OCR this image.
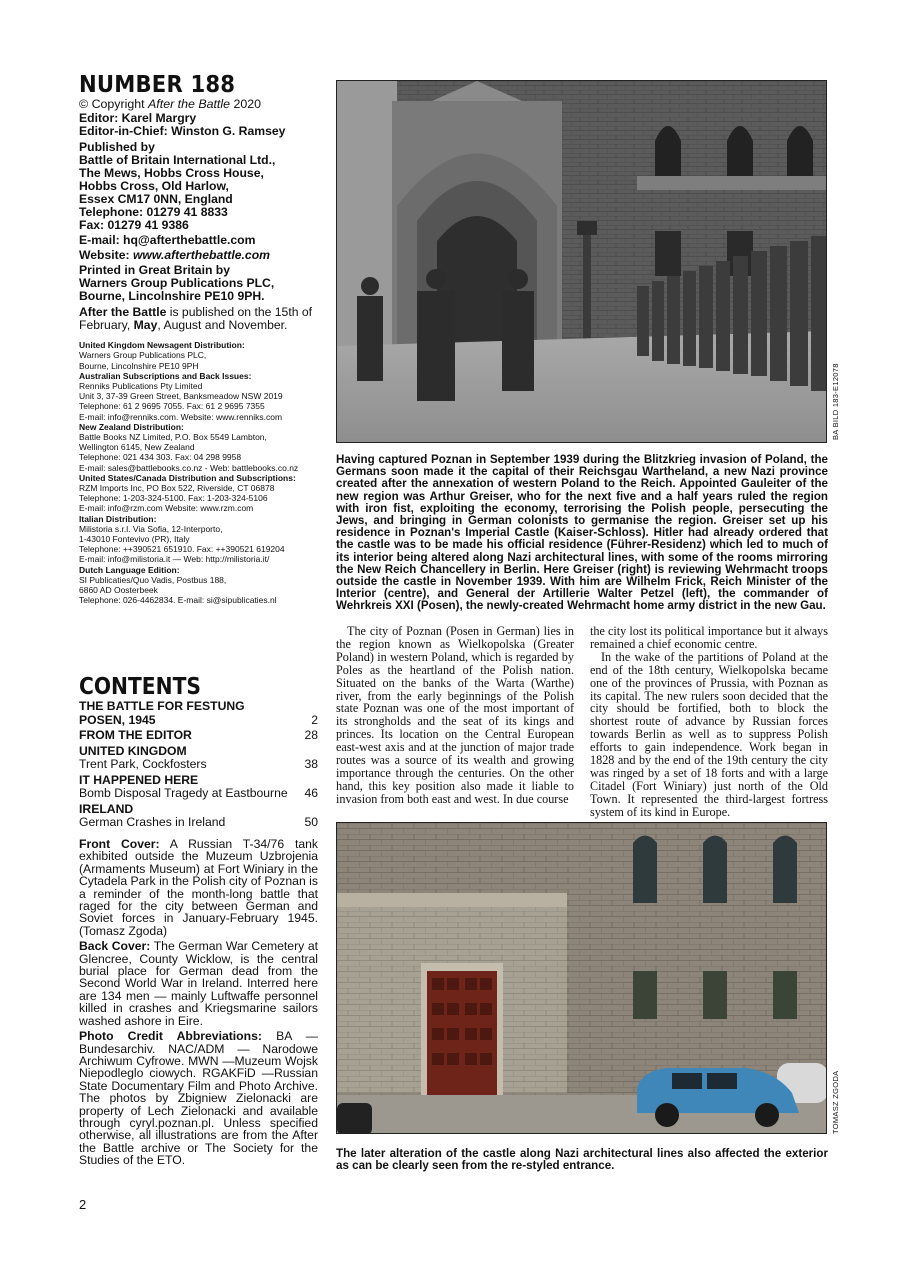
NUMBER 188
© Copyright After the Battle 2020
Editor: Karel Margry
Editor-in-Chief: Winston G. Ramsey
Published by
Battle of Britain International Ltd.,
The Mews, Hobbs Cross House,
Hobbs Cross, Old Harlow,
Essex CM17 0NN, England
Telephone: 01279 41 8833
Fax: 01279 41 9386
E-mail: hq@afterthebattle.com
Website: www.afterthebattle.com
Printed in Great Britain by
Warners Group Publications PLC,
Bourne, Lincolnshire PE10 9PH.
After the Battle is published on the 15th of February, May, August and November.
United Kingdom Newsagent Distribution:
Warners Group Publications PLC,
Bourne, Lincolnshire PE10 9PH
Australian Subscriptions and Back Issues:
Renniks Publications Pty Limited
Unit 3, 37-39 Green Street, Banksmeadow NSW 2019
Telephone: 61 2 9695 7055. Fax: 61 2 9695 7355
E-mail: info@renniks.com. Website: www.renniks.com
New Zealand Distribution:
Battle Books NZ Limited, P.O. Box 5549 Lambton,
Wellington 6145, New Zealand
Telephone: 021 434 303. Fax: 04 298 9958
E-mail: sales@battlebooks.co.nz - Web: battlebooks.co.nz
United States/Canada Distribution and Subscriptions:
RZM Imports Inc, PO Box 522, Riverside, CT 06878
Telephone: 1-203-324-5100. Fax: 1-203-324-5106
E-mail: info@rzm.com Website: www.rzm.com
Italian Distribution:
Milistoria s.r.l. Via Sofia, 12-Interporto,
1-43010 Fontevivo (PR), Italy
Telephone: ++390521 651910. Fax: ++390521 619204
E-mail: info@milistoria.it — Web: http://milistoria.it/
Dutch Language Edition:
SI Publicaties/Quo Vadis, Postbus 188,
6860 AD Oosterbeek
Telephone: 026-4462834. E-mail: si@sipublicaties.nl
CONTENTS
THE BATTLE FOR FESTUNG
POSEN, 1945	2
FROM THE EDITOR	28
UNITED KINGDOM
Trent Park, Cockfosters	38
IT HAPPENED HERE
Bomb Disposal Tragedy at Eastbourne 46
IRELAND
German Crashes in Ireland	50

Front Cover: A Russian T-34/76 tank exhibited outside the Muzeum Uzbrojenia (Armaments Museum) at Fort Winiary in the Cytadela Park in the Polish city of Poznan is a reminder of the month-long battle that raged for the city between German and Soviet forces in January-February 1945. (Tomasz Zgoda)

Back Cover: The German War Cemetery at Glencree, County Wicklow, is the central burial place for German dead from the Second World War in Ireland. Interred here are 134 men — mainly Luftwaffe personnel killed in crashes and Kriegsmarine sailors washed ashore in Eire.

Photo Credit Abbreviations: BA — Bundesarchiv. NAC/ADM — Narodowe Archiwum Cyfrowe. MWN —Muzeum Wojsk Niepodleglo ciowych. RGAKFiD —Russian State Documentary Film and Photo Archive. The photos by Zbigniew Zielonacki are property of Lech Zielonacki and available through cyryl.poznan.pl. Unless specified otherwise, all illustrations are from the After the Battle archive or The Society for the Studies of the ETO.

2
BA BILD 183-E12078
Having captured Poznan in September 1939 during the Blitzkrieg invasion of Poland, the Germans soon made it the capital of their Reichsgau Wartheland, a new Nazi province created after the annexation of western Poland to the Reich. Appointed Gauleiter of the new region was Arthur Greiser, who for the next five and a half years ruled the region with iron fist, exploiting the economy, terrorising the Polish people, persecuting the Jews, and bringing in German colonists to germanise the region. Greiser set up his residence in Poznan's Imperial Castle (Kaiser-Schloss). Hitler had already ordered that the castle was to be made his official residence (Führer-Residenz) which led to much of its interior being altered along Nazi architectural lines, with some of the rooms mirroring the New Reich Chancellery in Berlin. Here Greiser (right) is reviewing Wehrmacht troops outside the castle in November 1939. With him are Wilhelm Frick, Reich Minister of the Interior (centre), and General der Artillerie Walter Petzel (left), the commander of Wehrkreis XXI (Posen), the newly-created Wehrmacht home army district in the new Gau.

The city of Poznan (Posen in German) lies in the region known as Wielkopolska (Greater Poland) in western Poland, which is regarded by Poles as the heartland of the Polish nation. Situated on the banks of the Warta (Warthe) river, from the early beginnings of the Polish state Poznan was one of the most important of its strongholds and the seat of its kings and princes. Its location on the Central European east-west axis and at the junction of major trade routes was a source of its wealth and growing importance through the centuries. On the other hand, this key position also made it liable to invasion from both east and west. In due course

the city lost its political importance but it always remained a chief economic centre.

In the wake of the partitions of Poland at the end of the 18th century, Wielkopolska became one of the provinces of Prussia, with Poznan as its capital. The new rulers soon decided that the city should be fortified, both to block the shortest route of advance by Russian forces towards Berlin as well as to suppress Polish efforts to gain independence. Work began in 1828 and by the end of the 19th century the city was ringed by a set of 18 forts and with a large Citadel (Fort Winiary) just north of the Old Town. It represented the third-largest fortress system of its kind in Europe.

TOMASZ ZGODA
The later alteration of the castle along Nazi architectural lines also affected the exterior as can be clearly seen from the re-styled entrance.
